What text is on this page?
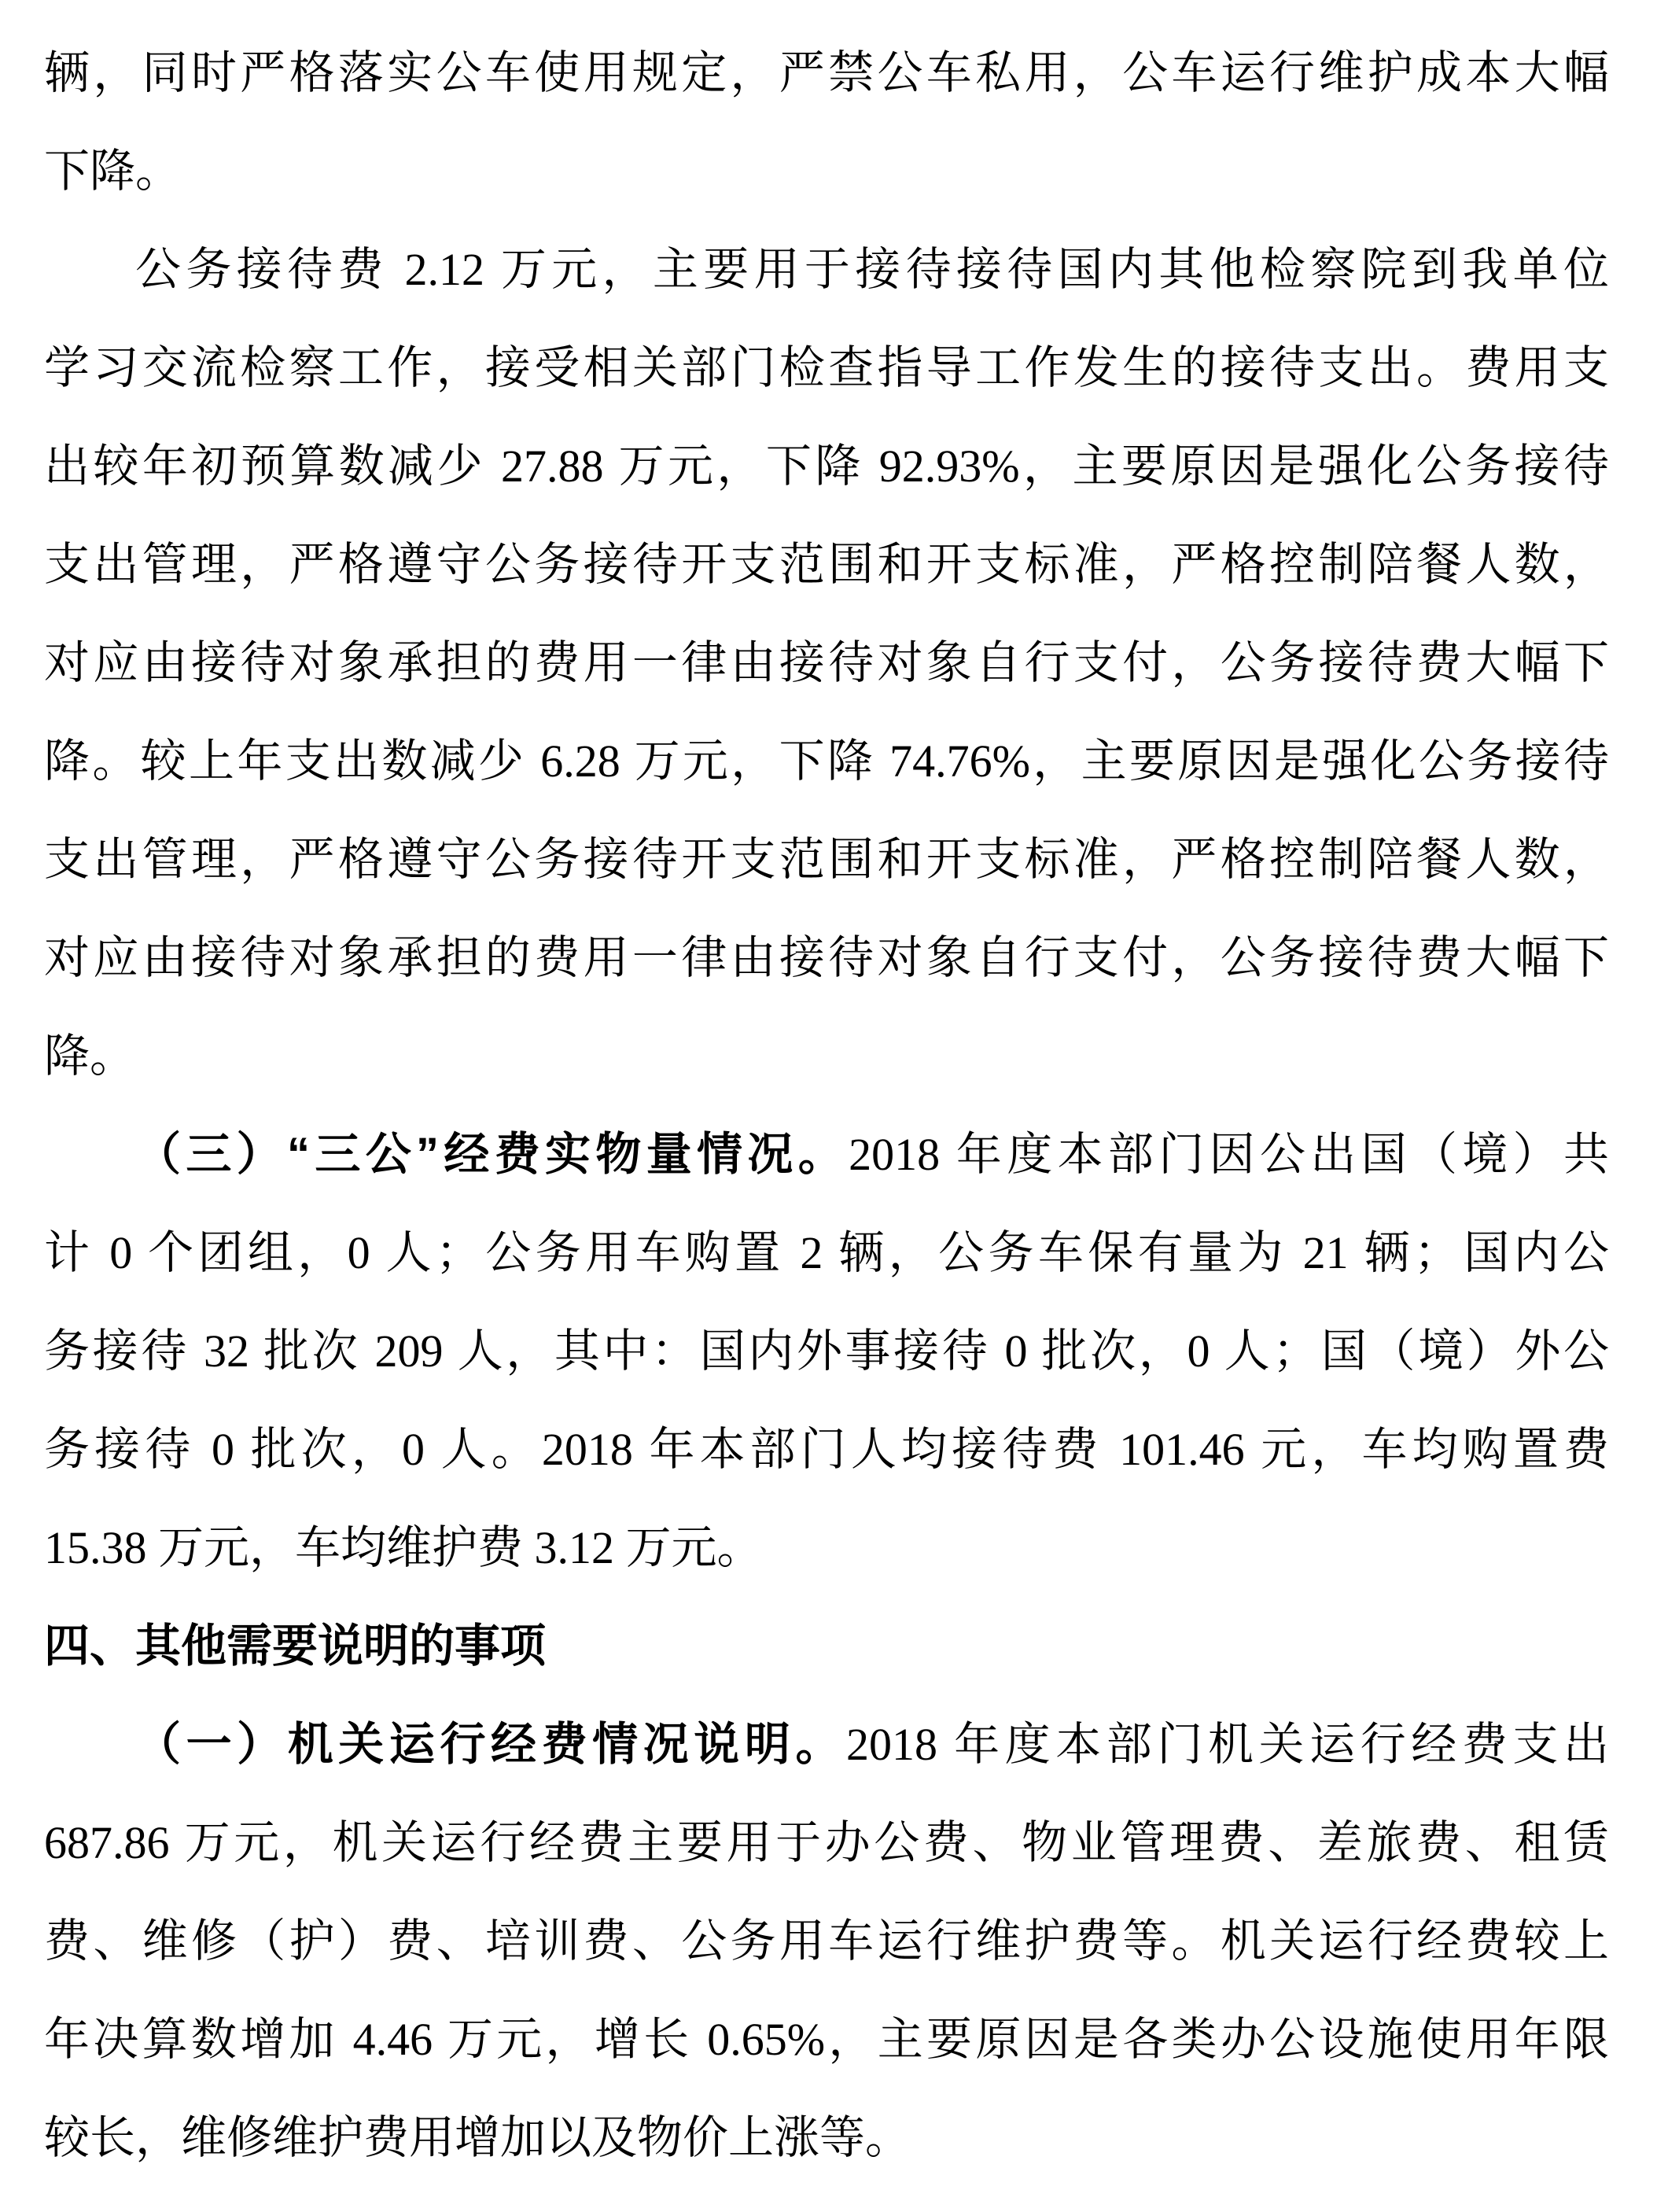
辆，同时严格落实公车使用规定，严禁公车私用，公车运行维护成本大幅
下降。
公务接待费 2.12 万元，主要用于接待接待国内其他检察院到我单位
学习交流检察工作，接受相关部门检查指导工作发生的接待支出。费用支
出较年初预算数减少 27.88 万元，下降 92.93%，主要原因是强化公务接待
支出管理，严格遵守公务接待开支范围和开支标准，严格控制陪餐人数，
对应由接待对象承担的费用一律由接待对象自行支付，公务接待费大幅下
降。较上年支出数减少 6.28 万元，下降 74.76%，主要原因是强化公务接待
支出管理，严格遵守公务接待开支范围和开支标准，严格控制陪餐人数，
对应由接待对象承担的费用一律由接待对象自行支付，公务接待费大幅下
降。
（三）“三公”经费实物量情况。2018 年度本部门因公出国（境）共
计 0 个团组，0 人；公务用车购置 2 辆，公务车保有量为 21 辆；国内公
务接待 32 批次 209 人，其中：国内外事接待 0 批次，0 人；国（境）外公
务接待 0 批次，0 人。2018 年本部门人均接待费 101.46 元，车均购置费
15.38 万元，车均维护费 3.12 万元。
四、其他需要说明的事项
（一）机关运行经费情况说明。2018 年度本部门机关运行经费支出
687.86 万元，机关运行经费主要用于办公费、物业管理费、差旅费、租赁
费、维修（护）费、培训费、公务用车运行维护费等。机关运行经费较上
年决算数增加 4.46 万元，增长 0.65%，主要原因是各类办公设施使用年限
较长，维修维护费用增加以及物价上涨等。
